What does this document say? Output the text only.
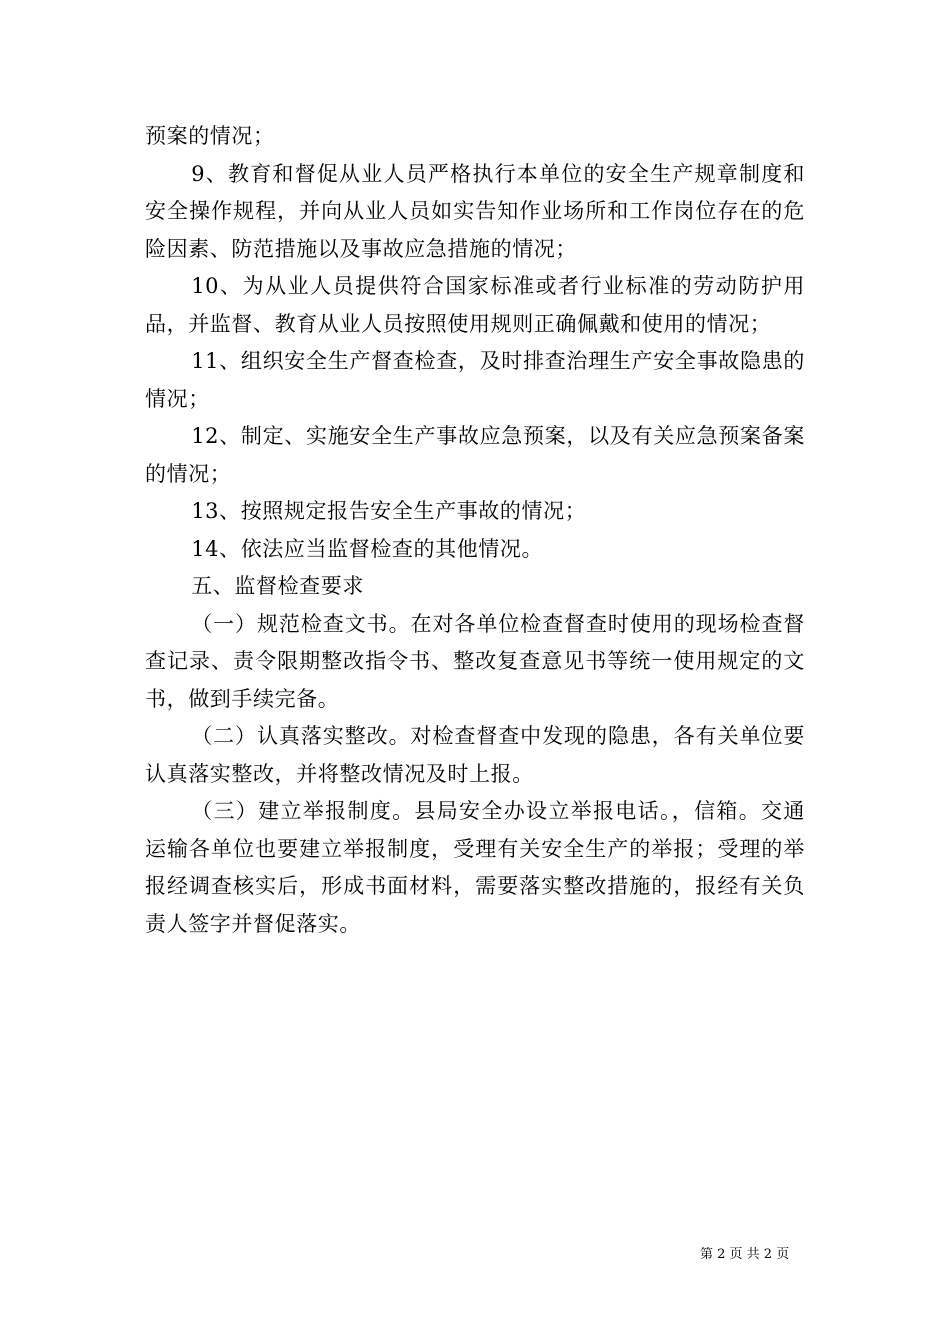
预案的情况；

9、教育和督促从业人员严格执行本单位的安全生产规章制度和安全操作规程，并向从业人员如实告知作业场所和工作岗位存在的危险因素、防范措施以及事故应急措施的情况；

10、为从业人员提供符合国家标准或者行业标准的劳动防护用品，并监督、教育从业人员按照使用规则正确佩戴和使用的情况；

11、组织安全生产督查检查，及时排查治理生产安全事故隐患的情况；

12、制定、实施安全生产事故应急预案，以及有关应急预案备案的情况；

13、按照规定报告安全生产事故的情况；

14、依法应当监督检查的其他情况。

五、监督检查要求

（一）规范检查文书。在对各单位检查督查时使用的现场检查督查记录、责令限期整改指令书、整改复查意见书等统一使用规定的文书，做到手续完备。

（二）认真落实整改。对检查督查中发现的隐患，各有关单位要认真落实整改，并将整改情况及时上报。

（三）建立举报制度。县局安全办设立举报电话。，信箱。交通运输各单位也要建立举报制度，受理有关安全生产的举报；受理的举报经调查核实后，形成书面材料，需要落实整改措施的，报经有关负责人签字并督促落实。

第 2 页 共 2 页
